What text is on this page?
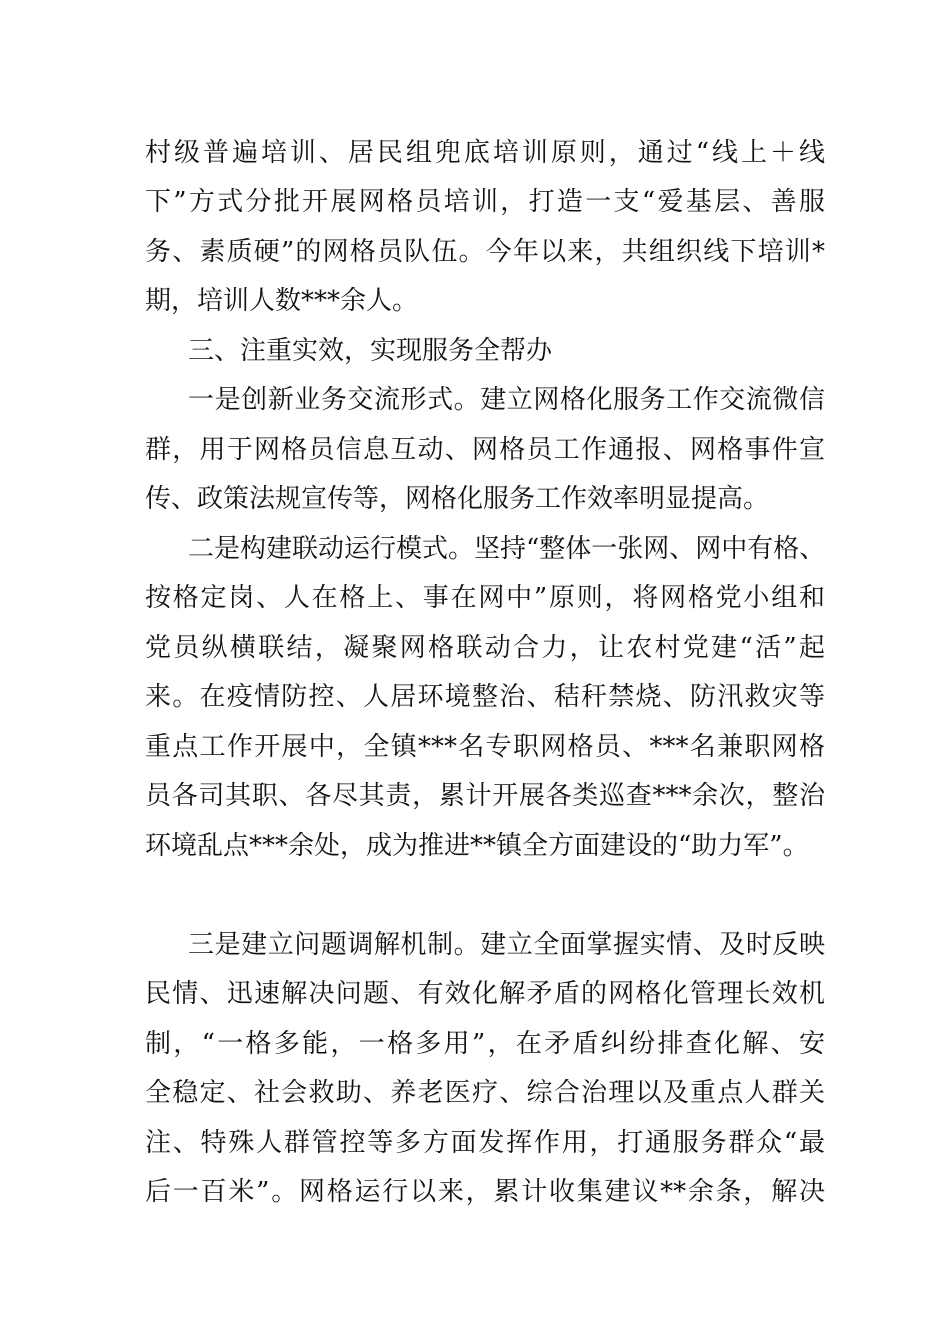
村级普遍培训、居民组兜底培训原则，通过“线上＋线
下”方式分批开展网格员培训，打造一支“爱基层、善服
务、素质硬”的网格员队伍。今年以来，共组织线下培训*
期，培训人数***余人。
三、注重实效，实现服务全帮办
一是创新业务交流形式。建立网格化服务工作交流微信
群，用于网格员信息互动、网格员工作通报、网格事件宣
传、政策法规宣传等，网格化服务工作效率明显提高。
二是构建联动运行模式。坚持“整体一张网、网中有格、
按格定岗、人在格上、事在网中”原则，将网格党小组和
党员纵横联结，凝聚网格联动合力，让农村党建“活”起
来。在疫情防控、人居环境整治、秸秆禁烧、防汛救灾等
重点工作开展中，全镇***名专职网格员、***名兼职网格
员各司其职、各尽其责，累计开展各类巡查***余次，整治
环境乱点***余处，成为推进**镇全方面建设的“助力军”。
三是建立问题调解机制。建立全面掌握实情、及时反映
民情、迅速解决问题、有效化解矛盾的网格化管理长效机
制，“一格多能，一格多用”，在矛盾纠纷排查化解、安
全稳定、社会救助、养老医疗、综合治理以及重点人群关
注、特殊人群管控等多方面发挥作用，打通服务群众“最
后一百米”。网格运行以来，累计收集建议**余条，解决
